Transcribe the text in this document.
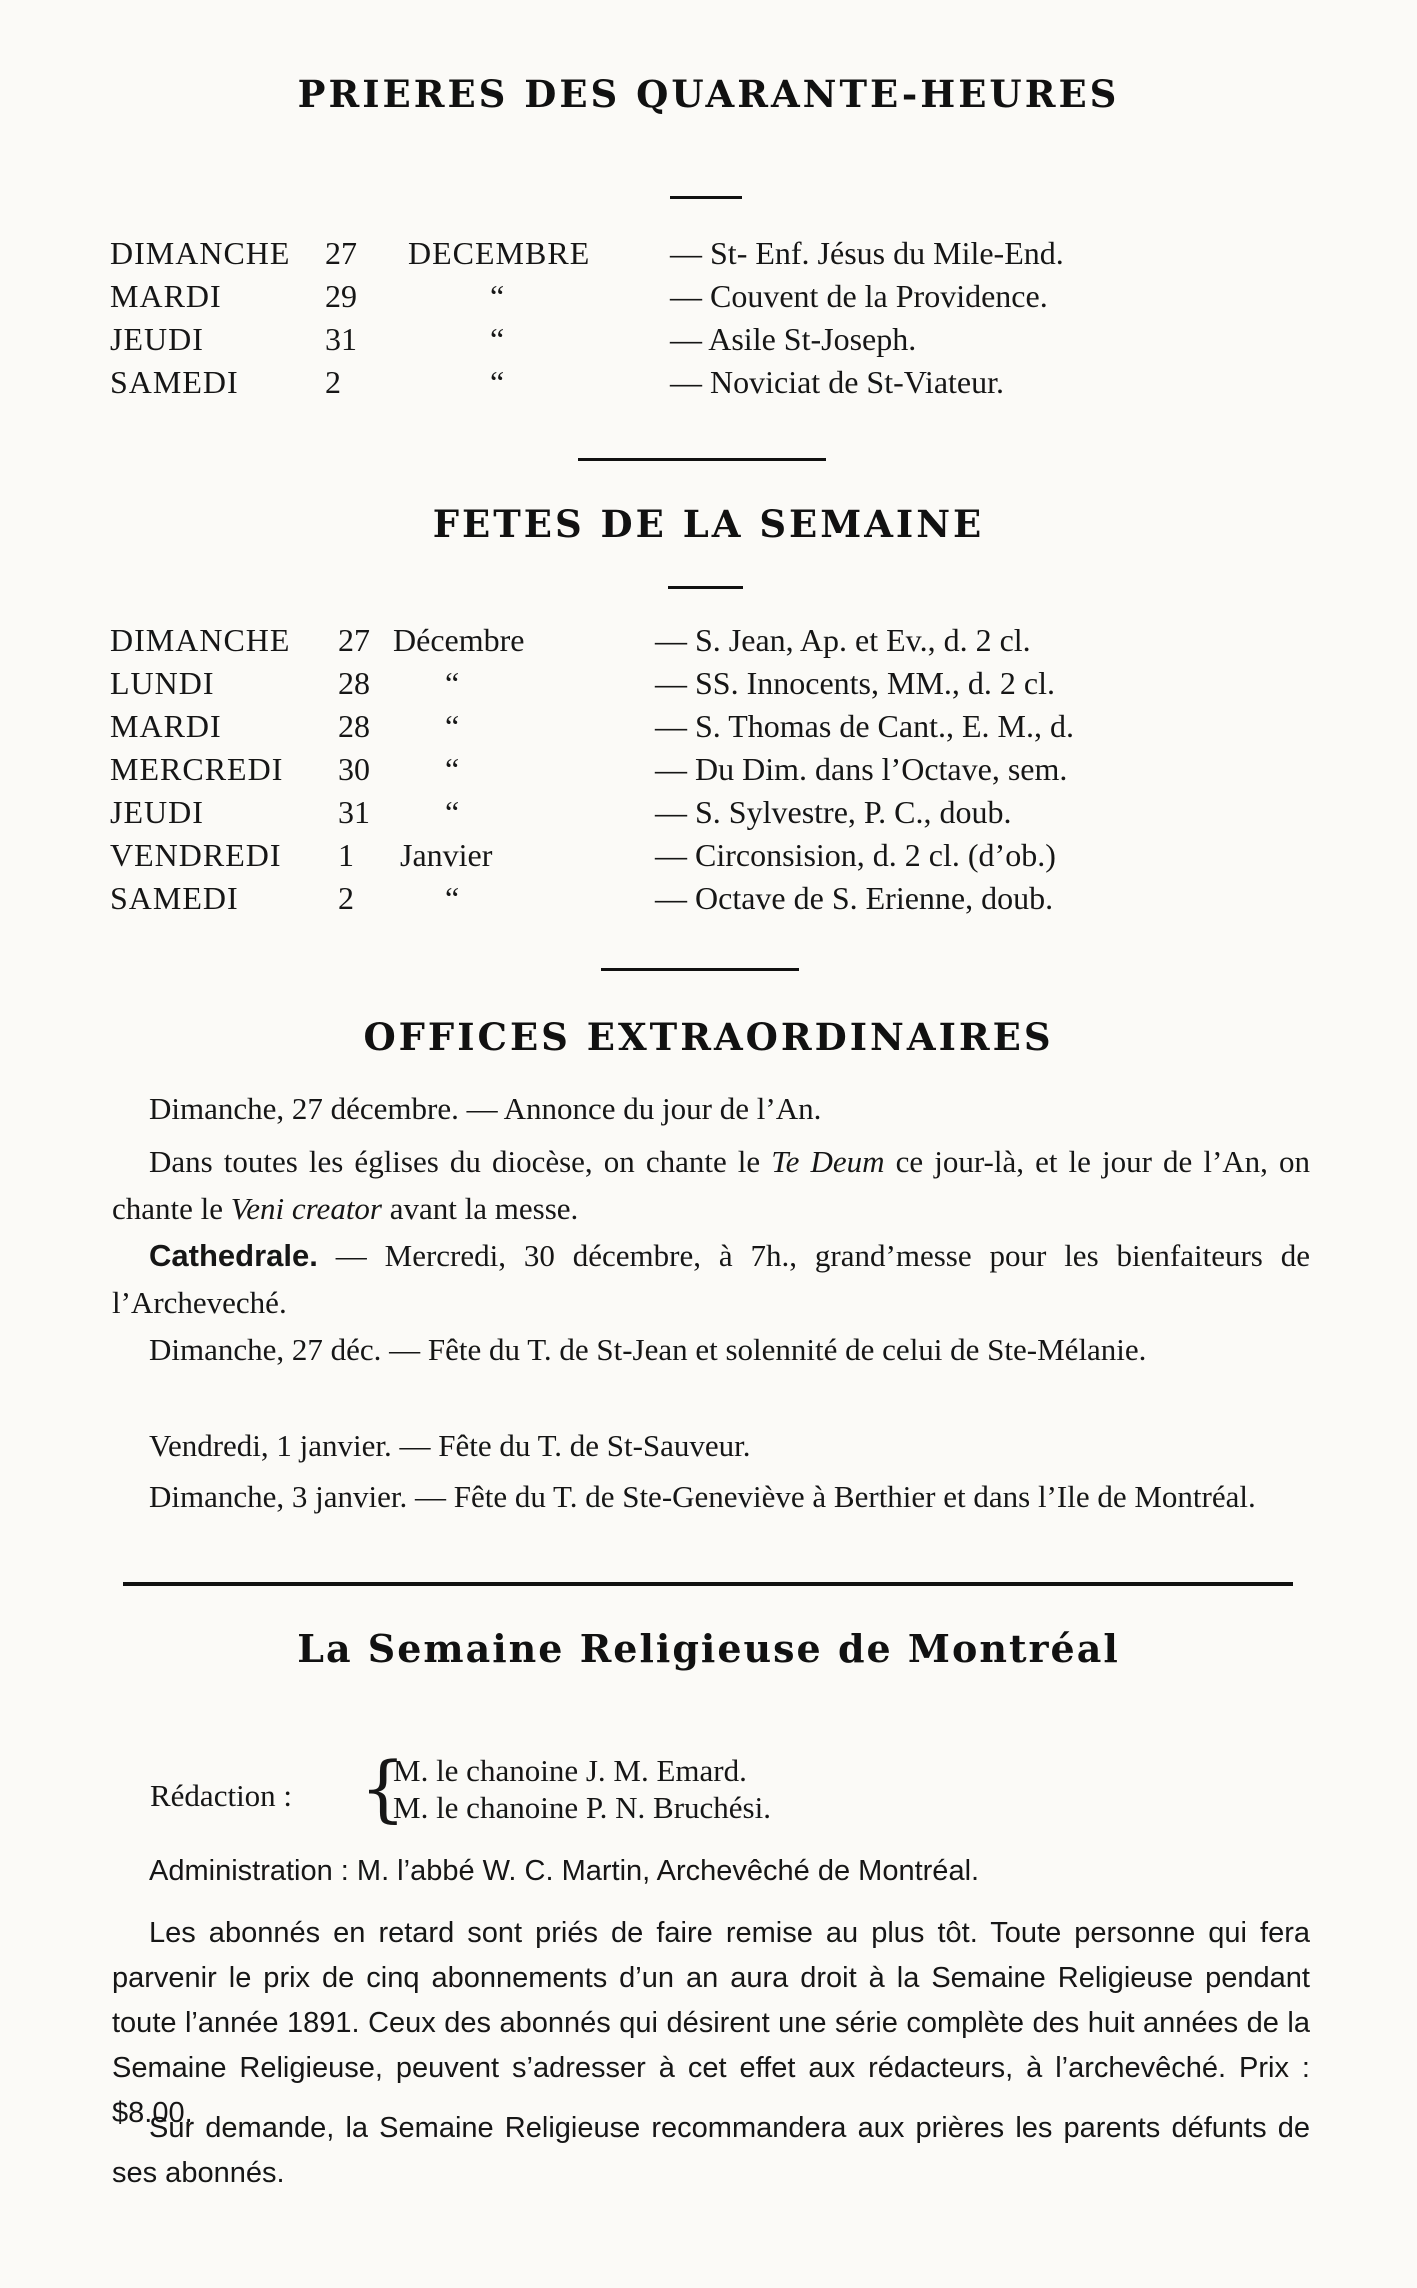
PRIERES DES QUARANTE-HEURES
DIMANCHE 27 DECEMBRE — St- Enf. Jésus du Mile-End.
MARDI	29	“	— Couvent de la Providence.
JEUDI	31	“	— Asile St-Joseph.
SAMEDI	2	“	— Noviciat de St-Viateur.
FETES DE LA SEMAINE
DIMANCHE 27 Décembre	— S. Jean, Ap. et Ev., d. 2 cl.
LUNDI	28 “	— SS. Innocents, MM., d. 2 cl.
MARDI	28 “	— S. Thomas de Cant., E. M., d.
MERCREDI 30 “	— Du Dim. dans l’Octave, sem.
JEUDI	31 “	— S. Sylvestre, P. C., doub.
VENDREDI 1 Janvier	— Circonsision, d. 2 cl. (d’ob.)
SAMEDI	2	“	— Octave de S. Erienne, doub.
OFFICES EXTRAORDINAIRES
Dimanche, 27 décembre. — Annonce du jour de l’An.
Dans toutes les églises du diocèse, on chante le Te Deum ce jour-là, et le jour de l’An, on chante le Veni creator avant la messe.
Cathedrale. — Mercredi, 30 décembre, à 7h., grand’messe pour les bienfaiteurs de l’Archeveché.
Dimanche, 27 déc. — Fête du T. de St-Jean et solennité de celui de Ste-Mélanie.
Vendredi, 1 janvier. — Fête du T. de St-Sauveur.
Dimanche, 3 janvier. — Fête du T. de Ste-Geneviève à Berthier et dans l’Ile de Montréal.
La Semaine Religieuse de Montréal
Rédaction : {
M. le chanoine J. M. Emard.
M. le chanoine P. N. Bruchési.
Administration : M. l’abbé W. C. Martin, Archevêché de Montréal.
Les abonnés en retard sont priés de faire remise au plus tôt. Toute personne qui fera parvenir le prix de cinq abonnements d’un an aura droit à la Semaine Religieuse pendant toute l’année 1891. Ceux des abonnés qui désirent une série complète des huit années de la Semaine Religieuse, peuvent s’adresser à cet effet aux rédacteurs, à l’archevêché. Prix : $8.00.
Sur demande, la Semaine Religieuse recommandera aux prières les parents défunts de ses abonnés.
